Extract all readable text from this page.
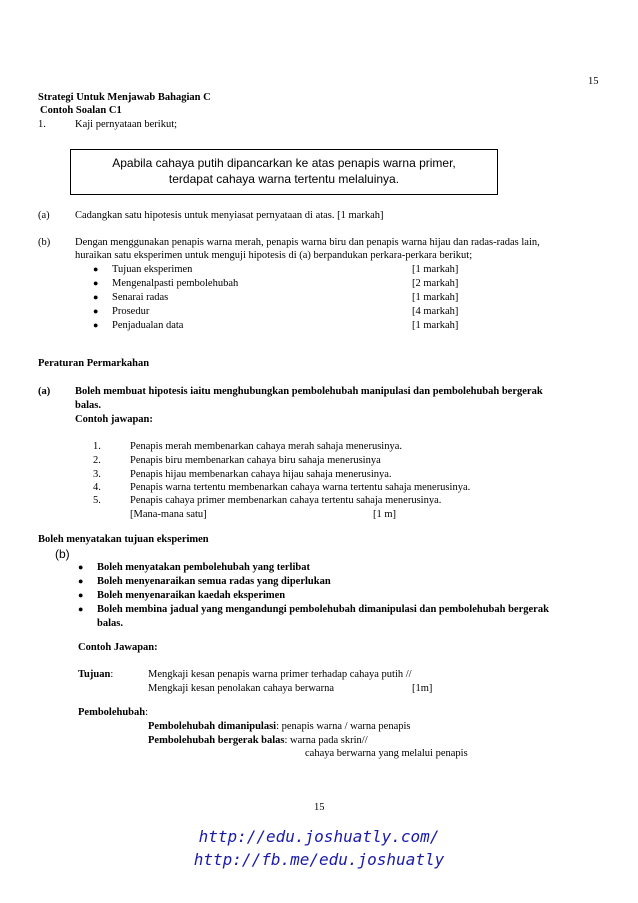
15
Strategi Untuk Menjawab Bahagian C
Contoh Soalan C1
1.	Kaji pernyataan berikut;
Apabila cahaya putih dipancarkan ke atas penapis warna primer,
terdapat cahaya warna tertentu melaluinya.
(a) Cadangkan satu hipotesis untuk menyiasat pernyataan di atas. [1 markah]
(b) Dengan menggunakan penapis warna merah, penapis warna biru dan penapis warna hijau dan radas-radas lain,
huraikan satu eksperimen untuk menguji hipotesis di (a) berpandukan perkara-perkara berikut;
● Tujuan eksperimen	[1 markah]
● Mengenalpasti pembolehubah	[2 markah]
● Senarai radas	[1 markah]
● Prosedur	[4 markah]
● Penjadualan data	[1 markah]
Peraturan Permarkahan
(a) Boleh membuat hipotesis iaitu menghubungkan pembolehubah manipulasi dan pembolehubah bergerak
balas.
Contoh jawapan:
1.	Penapis merah membenarkan cahaya merah sahaja menerusinya.
2.	Penapis biru membenarkan cahaya biru sahaja menerusinya
3.	Penapis hijau membenarkan cahaya hijau sahaja menerusinya.
4.	Penapis warna tertentu membenarkan cahaya warna tertentu sahaja menerusinya.
5.	Penapis cahaya primer membenarkan cahaya tertentu sahaja menerusinya.
[Mana-mana satu]	[1 m]
Boleh menyatakan tujuan eksperimen
(b)
● Boleh menyatakan pembolehubah yang terlibat
● Boleh menyenaraikan semua radas yang diperlukan
● Boleh menyenaraikan kaedah eksperimen
● Boleh membina jadual yang mengandungi pembolehubah dimanipulasi dan pembolehubah bergerak
balas.
Contoh Jawapan:
Tujuan:	Mengkaji kesan penapis warna primer terhadap cahaya putih //
Mengkaji kesan penolakan cahaya berwarna	[1m]
Pembolehubah:
Pembolehubah dimanipulasi: penapis warna / warna penapis
Pembolehubah bergerak balas: warna pada skrin//
cahaya berwarna yang melalui penapis
15
http://edu.joshuatly.com/
http://fb.me/edu.joshuatly
